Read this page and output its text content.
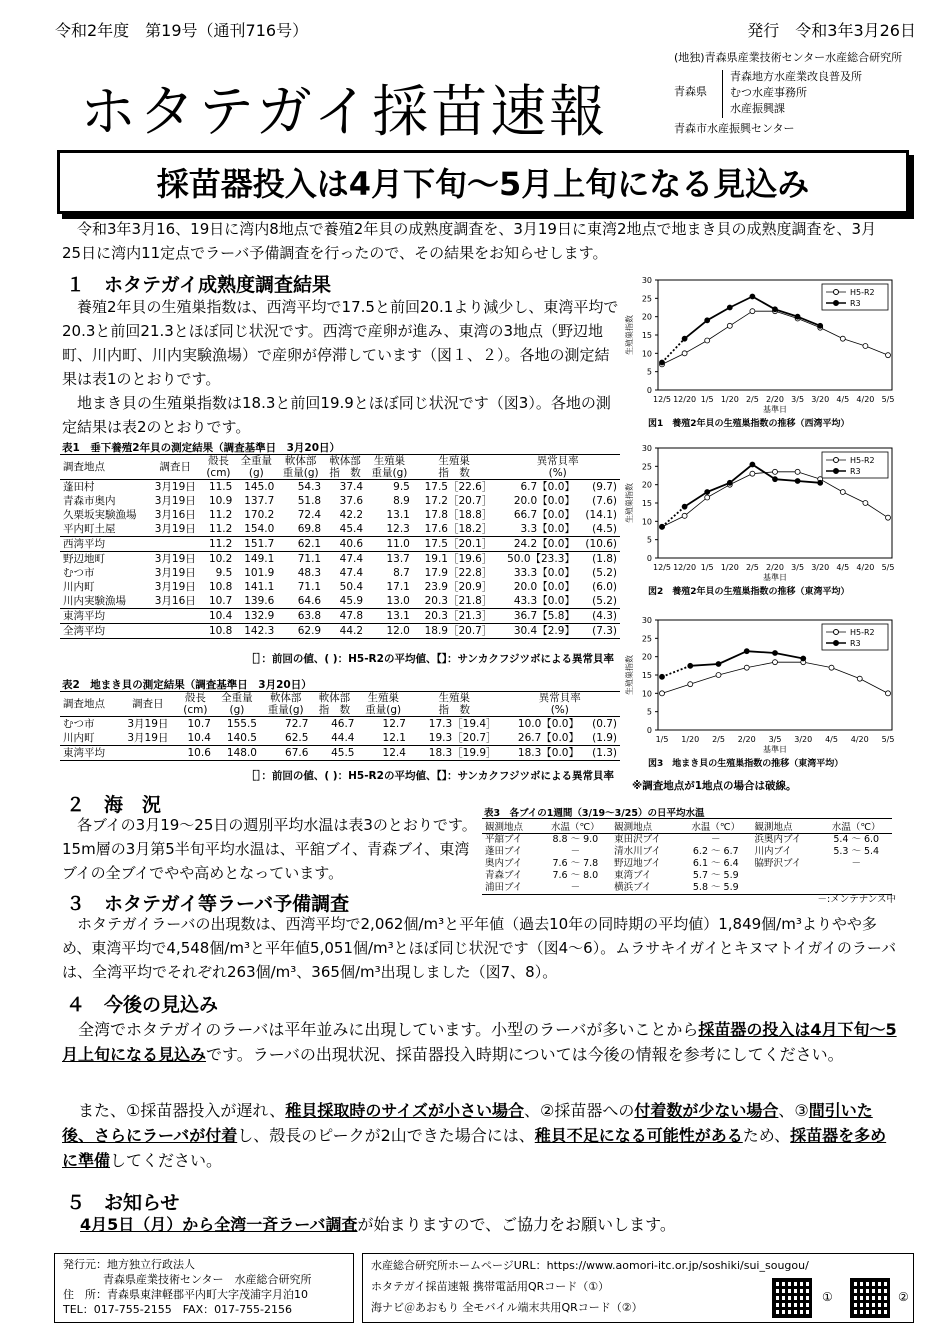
令和2年度　第19号（通刊716号）	発行　令和3年3月26日
(地独)青森県産業技術センター水産総合研究所
青森県
青森地方水産業改良普及所
むつ水産事務所
水産振興課
青森市水産振興センター
ホタテガイ採苗速報
採苗器投入は4月下旬～5月上旬になる見込み
　令和3年3月16、19日に湾内8地点で養殖2年貝の成熟度調査を、3月19日に東湾2地点で地まき貝の成熟度調査を、3月25日に湾内11定点でラーバ予備調査を行ったので、その結果をお知らせします。
１　ホタテガイ成熟度調査結果
　養殖2年貝の生殖巣指数は、西湾平均で17.5と前回20.1より減少し、東湾平均で20.3と前回21.3とほぼ同じ状況です。西湾で産卵が進み、東湾の3地点（野辺地町、川内町、川内実験漁場）で産卵が停滞しています（図１、２）。各地の測定結果は表1のとおりです。
　地まき貝の生殖巣指数は18.3と前回19.9とほぼ同じ状況です（図3）。各地の測定結果は表2のとおりです。
表1　垂下養殖2年貝の測定結果（調査基準日　3月20日）
調査地点	調査日	殻長
(cm)	全重量
(g)	軟体部
重量(g)	軟体部
指　数	生殖巣
重量(g)	生殖巣
指　数	異常貝率
(%)	
蓬田村	3月19日	11.5	145.0	54.3	37.4	9.5	17.5［22.6］	6.7【0.0】	(9.7)
青森市奥内	3月19日	10.9	137.7	51.8	37.6	8.9	17.2［20.7］	20.0【0.0】	(7.6)
久栗坂実験漁場	3月16日	11.2	170.2	72.4	42.2	13.1	17.8［18.8］	66.7【0.0】	(14.1)
平内町土屋	3月19日	11.2	154.0	69.8	45.4	12.3	17.6［18.2］	3.3【0.0】	(4.5)
西湾平均		11.2	151.7	62.1	40.6	11.0	17.5［20.1］	24.2【0.0】	(10.6)
野辺地町	3月19日	10.2	149.1	71.1	47.4	13.7	19.1［19.6］	50.0【23.3】	(1.8)
むつ市	3月19日	9.5	101.9	48.3	47.4	8.7	17.9［22.8］	33.3【0.0】	(5.2)
川内町	3月19日	10.8	141.1	71.1	50.4	17.1	23.9［20.9］	20.0【0.0】	(6.0)
川内実験漁場	3月16日	10.7	139.6	64.6	45.9	13.0	20.3［21.8］	43.3【0.0】	(5.2)
東湾平均		10.4	132.9	63.8	47.8	13.1	20.3［21.3］	36.7【5.8】	(4.3)
全湾平均		10.8	142.3	62.9	44.2	12.0	18.9［20.7］	30.4【2.9】	(7.3)
［］：前回の値、( )：H5-R2の平均値、【】：サンカクフジツボによる異常貝率
表2　地まき貝の測定結果（調査基準日　3月20日）
調査地点	調査日	殻長
(cm)	全重量
(g)	軟体部
重量(g)	軟体部
指　数	生殖巣
重量(g)	生殖巣
指　数	異常貝率
(%)	
むつ市	3月19日	10.7	155.5	72.7	46.7	12.7	17.3［19.4］	10.0【0.0】	(0.7)
川内町	3月19日	10.4	140.5	62.5	44.4	12.1	19.3［20.7］	26.7【0.0】	(1.9)
東湾平均		10.6	148.0	67.6	45.5	12.4	18.3［19.9］	18.3【0.0】	(1.3)
［］：前回の値、( )：H5-R2の平均値、【】：サンカクフジツボによる異常貝率
0
5
10
15
20
25
30
12/5 12/20 1/5 1/20 2/5 2/20 3/5 3/20 4/5 4/20 5/5
生殖巣指数
基準日
図1　養殖2年貝の生殖巣指数の推移（西湾平均）
H5-R2
R3
0
5
10
15
20
25
30
12/5 12/20 1/5 1/20 2/5 2/20 3/5 3/20 4/5 4/20 5/5
生殖巣指数
基準日
図2　養殖2年貝の生殖巣指数の推移（東湾平均）
H5-R2
R3
0
5
10
15
20
25
30
1/5 1/20 2/5 2/20 3/5 3/20 4/5 4/20 5/5
生殖巣指数
基準日
図3　地まき貝の生殖巣指数の推移（東湾平均）
H5-R2
R3
※調査地点が1地点の場合は破線。
２　海　況
　各ブイの3月19～25日の週別平均水温は表3のとおりです。15m層の3月第5半旬平均水温は、平舘ブイ、青森ブイ、東湾ブイの全ブイでやや高めとなっています。
表3　各ブイの1週間（3/19～3/25）の日平均水温
観測地点	水温（℃）	観測地点	水温（℃）	観測地点	水温（℃）
平舘ブイ	8.8 ～ 9.0	東田沢ブイ	－	浜奥内ブイ	5.4 ～ 6.0
蓬田ブイ	－	清水川ブイ	6.2 ～ 6.7	川内ブイ	5.3 ～ 5.4
奥内ブイ	7.6 ～ 7.8	野辺地ブイ	6.1 ～ 6.4	脇野沢ブイ	－
青森ブイ	7.6 ～ 8.0	東湾ブイ	5.7 ～ 5.9		
浦田ブイ	－	横浜ブイ	5.8 ～ 5.9		
－:メンテナンス中
３　ホタテガイ等ラーバ予備調査
　ホタテガイラーバの出現数は、西湾平均で2,062個/m³と平年値（過去10年の同時期の平均値）1,849個/m³よりやや多め、東湾平均で4,548個/m³と平年値5,051個/m³とほぼ同じ状況です（図4～6）。ムラサキイガイとキヌマトイガイのラーバは、全湾平均でそれぞれ263個/m³、365個/m³出現しました（図7、8）。
４　今後の見込み
　全湾でホタテガイのラーバは平年並みに出現しています。小型のラーバが多いことから採苗器の投入は4月下旬～5月上旬になる見込みです。ラーバの出現状況、採苗器投入時期については今後の情報を参考にしてください。
　また、①採苗器投入が遅れ、稚貝採取時のサイズが小さい場合、②採苗器への付着数が少ない場合、③間引いた後、さらにラーバが付着し、殻長のピークが2山できた場合には、稚貝不足になる可能性があるため、採苗器を多めに準備してください。
５　お知らせ
4月5日（月）から全湾一斉ラーバ調査が始まりますので、ご協力をお願いします。
発行元：地方独立行政法人
青森県産業技術センター　水産総合研究所
住　所：青森県東津軽郡平内町大字茂浦字月泊10
TEL：017-755-2155　FAX：017-755-2156
水産総合研究所ホームページURL：https://www.aomori-itc.or.jp/soshiki/sui_sougou/
ホタテガイ採苗速報 携帯電話用QRコード（①）
海ナビ＠あおもり 全モバイル端末共用QRコード（②）
①	②
